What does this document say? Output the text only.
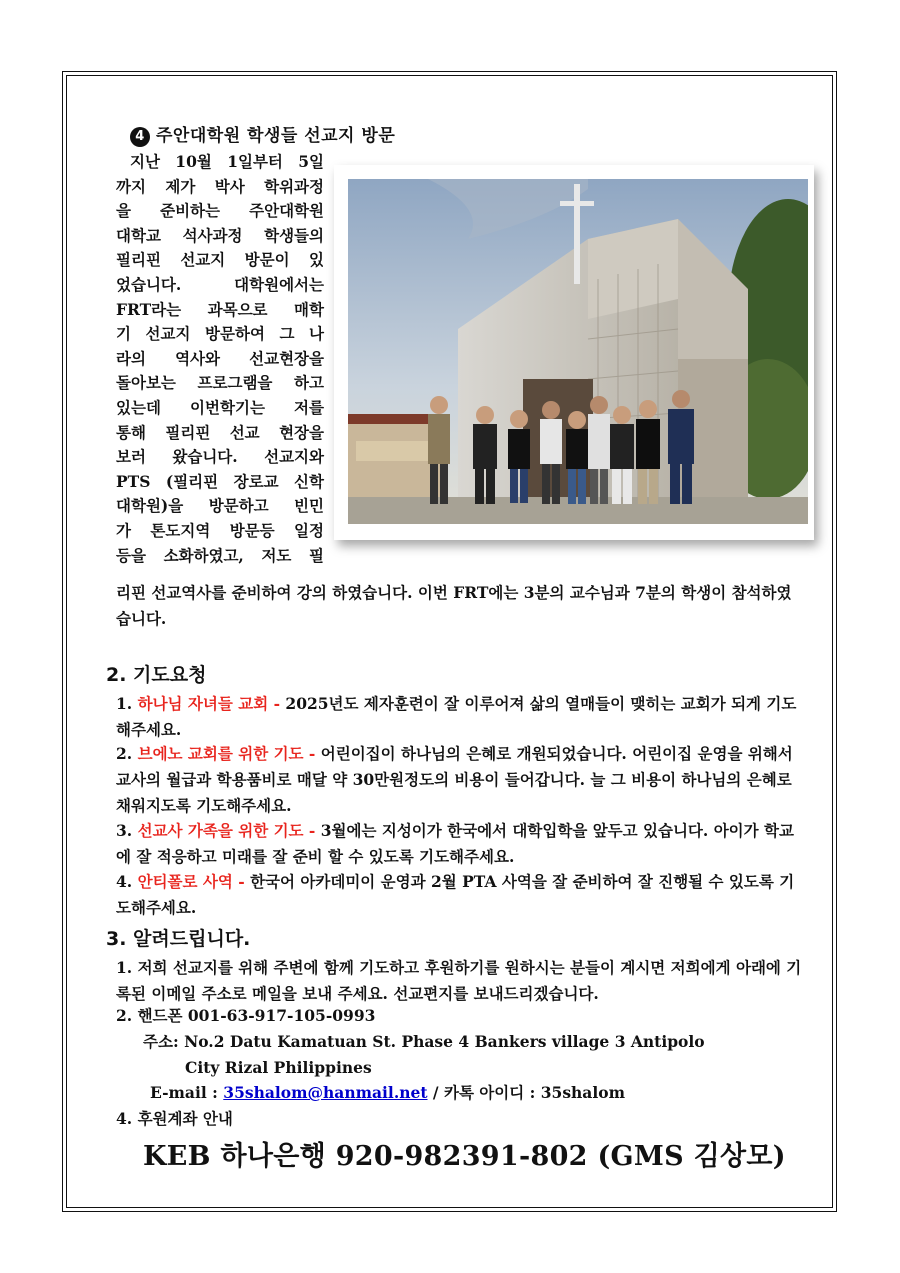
4 주안대학원 학생들 선교지 방문
지난 10월 1일부터 5일
까지 제가 박사 학위과정
을 준비하는 주안대학원
대학교 석사과정 학생들의
필리핀 선교지 방문이 있
었습니다. 대학원에서는
FRT라는 과목으로 매학
기 선교지 방문하여 그 나
라의 역사와 선교현장을
돌아보는 프로그램을 하고
있는데 이번학기는 저를
통해 필리핀 선교 현장을
보러 왔습니다. 선교지와
PTS (필리핀 장로교 신학
대학원)을 방문하고 빈민
가 톤도지역 방문등 일정
등을 소화하였고, 저도 필
리핀 선교역사를 준비하여 강의 하였습니다. 이번 FRT에는 3분의 교수님과 7분의 학생이 참석하였습니다.
2. 기도요청
1. 하나님 자녀들 교회 - 2025년도 제자훈련이 잘 이루어져 삶의 열매들이 맺히는 교회가 되게 기도해주세요.
2. 브에노 교회를 위한 기도 - 어린이집이 하나님의 은혜로 개원되었습니다. 어린이집 운영을 위해서 교사의 월급과 학용품비로 매달 약 30만원정도의 비용이 들어갑니다. 늘 그 비용이 하나님의 은혜로 채워지도록 기도해주세요.
3. 선교사 가족을 위한 기도 - 3월에는 지성이가 한국에서 대학입학을 앞두고 있습니다. 아이가 학교에 잘 적응하고 미래를 잘 준비 할 수 있도록 기도해주세요.
4. 안티폴로 사역 - 한국어 아카데미이 운영과 2월 PTA 사역을 잘 준비하여 잘 진행될 수 있도록 기도해주세요.
3. 알려드립니다.
1. 저희 선교지를 위해 주변에 함께 기도하고 후원하기를 원하시는 분들이 계시면 저희에게 아래에 기록된 이메일 주소로 메일을 보내 주세요. 선교편지를 보내드리겠습니다.
2. 핸드폰 001-63-917-105-0993
주소: No.2 Datu Kamatuan St. Phase 4 Bankers village 3 Antipolo
City Rizal Philippines
E-mail : 35shalom@hanmail.net / 카톡 아이디 : 35shalom
4. 후원계좌 안내
KEB 하나은행 920-982391-802 (GMS 김상모)
